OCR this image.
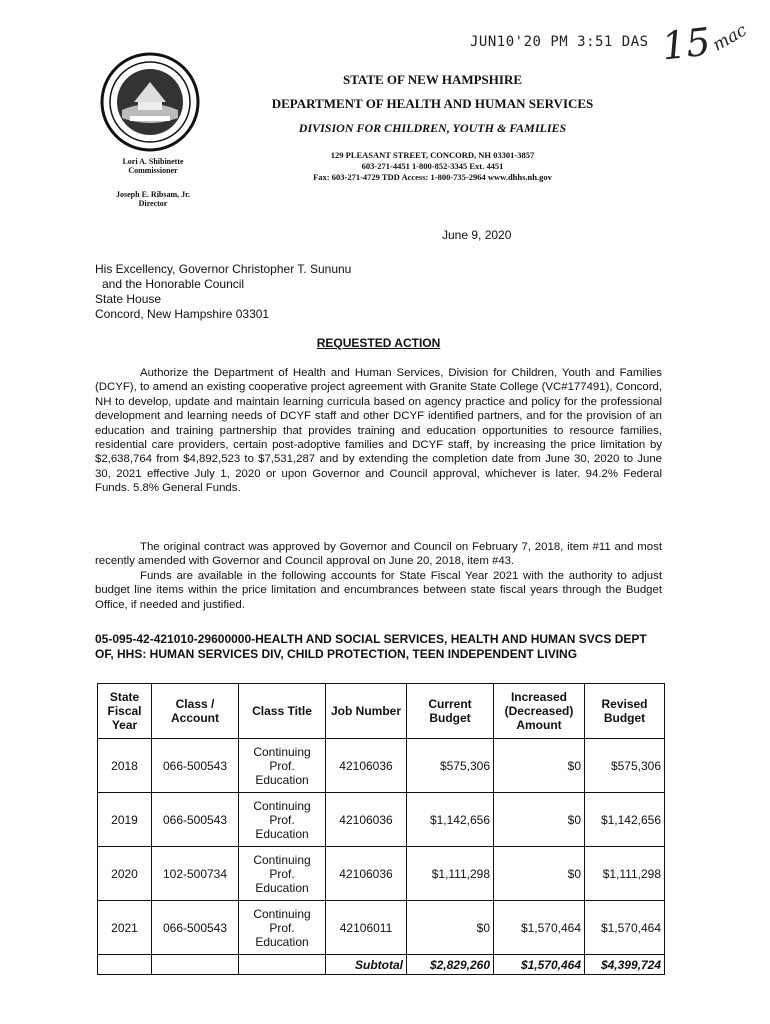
JUN10'20 PM 3:51 DAS 15
mac
STATE OF NEW HAMPSHIRE
DEPARTMENT OF HEALTH AND HUMAN SERVICES
DIVISION FOR CHILDREN, YOUTH & FAMILIES
129 PLEASANT STREET, CONCORD, NH 03301-3857
603-271-4451 1-800-852-3345 Ext. 4451
Fax: 603-271-4729 TDD Access: 1-800-735-2964 www.dhhs.nh.gov
Lori A. Shibinette
Commissioner
Joseph E. Ribsam, Jr.
Director
June 9, 2020
His Excellency, Governor Christopher T. Sununu
and the Honorable Council
State House
Concord, New Hampshire 03301
REQUESTED ACTION
Authorize the Department of Health and Human Services, Division for Children, Youth and Families (DCYF), to amend an existing cooperative project agreement with Granite State College (VC#177491), Concord, NH to develop, update and maintain learning curricula based on agency practice and policy for the professional development and learning needs of DCYF staff and other DCYF identified partners, and for the provision of an education and training partnership that provides training and education opportunities to resource families, residential care providers, certain post-adoptive families and DCYF staff, by increasing the price limitation by $2,638,764 from $4,892,523 to $7,531,287 and by extending the completion date from June 30, 2020 to June 30, 2021 effective July 1, 2020 or upon Governor and Council approval, whichever is later. 94.2% Federal Funds. 5.8% General Funds.
The original contract was approved by Governor and Council on February 7, 2018, item #11 and most recently amended with Governor and Council approval on June 20, 2018, item #43.
Funds are available in the following accounts for State Fiscal Year 2021 with the authority to adjust budget line items within the price limitation and encumbrances between state fiscal years through the Budget Office, if needed and justified.
05-095-42-421010-29600000-HEALTH AND SOCIAL SERVICES, HEALTH AND HUMAN SVCS DEPT OF, HHS: HUMAN SERVICES DIV, CHILD PROTECTION, TEEN INDEPENDENT LIVING
State Fiscal Year	Class / Account	Class Title	Job Number	Current Budget	Increased (Decreased) Amount	Revised Budget
2018	066-500543	Continuing Prof. Education	42106036	$575,306	$0	$575,306
2019	066-500543	Continuing Prof. Education	42106036	$1,142,656	$0	$1,142,656
2020	102-500734	Continuing Prof. Education	42106036	$1,111,298	$0	$1,111,298
2021	066-500543	Continuing Prof. Education	42106011	$0	$1,570,464	$1,570,464
			Subtotal	$2,829,260	$1,570,464	$4,399,724
